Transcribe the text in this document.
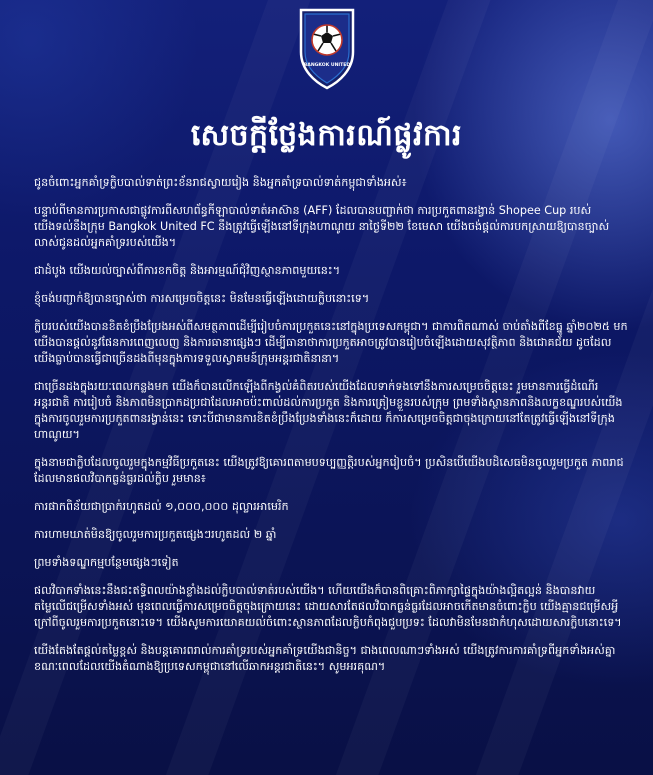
BANGKOK UNITED
សេចក្តីថ្លែងការណ៍ផ្លូវការ

ជូនចំពោះអ្នកគាំទ្រក្លិបបាល់ទាត់ព្រះខ័នរាជស្វាយរៀង និងអ្នកគាំទ្របាល់ទាត់កម្ពុជាទាំងអស់៖

បន្ទាប់ពីមានការប្រកាសជាផ្លូវការពីសហព័ន្ធកីឡាបាល់ទាត់អាស៊ាន (AFF) ដែលបានបញ្ជាក់ថា ការប្រកួតពានរង្វាន់ Shopee Cup របស់យើងទល់នឹងក្រុម Bangkok United FC នឹងត្រូវធ្វើឡើងនៅទីក្រុងហាណូយ នាថ្ងៃទី២២ ខែមេសា យើងចង់ផ្តល់ការបកស្រាយឱ្យបានច្បាស់លាស់ជូនដល់អ្នកគាំទ្ររបស់យើង។

ជាដំបូង យើងយល់ច្បាស់ពីការខកចិត្ត និងអារម្មណ៍ជុំវិញស្ថានភាពមួយនេះ។

ខ្ញុំចង់បញ្ជាក់ឱ្យបានច្បាស់ថា ការសម្រេចចិត្តនេះ មិនមែនធ្វើឡើងដោយក្លិបនោះទេ។

ក្លិបរបស់យើងបានខិតខំប្រឹងប្រែងអស់ពីសមត្ថភាពដើម្បីរៀបចំការប្រកួតនេះនៅក្នុងប្រទេសកម្ពុជា។ ជាការពិតណាស់ ចាប់តាំងពីខែធ្នូ ឆ្នាំ២០២៥ មក យើងបានផ្តល់នូវផែនការពេញលេញ និងការធានាផ្សេងៗ ដើម្បីធានាថាការប្រកួតអាចត្រូវបានរៀបចំឡើងដោយសុវត្ថិភាព និងជោគជ័យ ដូចដែលយើងធ្លាប់បានធ្វើជាច្រើនដងពីមុនក្នុងការទទួលស្វាគមន៍ក្រុមអន្តរជាតិនានា។

ជាច្រើនដងក្នុងរយៈពេលកន្លងមក យើងក៏បានលើកឡើងពីកង្វល់គំពិតរបស់យើងដែលទាក់ទងទៅនឹងការសម្រេចចិត្តនេះ រួមមានការធ្វើដំណើរអន្តរជាតិ ការរៀបចំ និងភាពមិនប្រាកដប្រជាដែលអាចប៉ះពាល់ដល់ការប្រកួត និងការត្រៀមខ្លួនរបស់ក្រុម ព្រមទាំងស្ថានភាពនិងលក្ខខណ្ឌរបស់យើងក្នុងការចូលរួមការប្រកួតពានរង្វាន់នេះ ទោះបីជាមានការខិតខំប្រឹងប្រែងទាំងនេះក៏ដោយ ក៏ការសម្រេចចិត្តជាចុងក្រោយនៅតែត្រូវធ្វើឡើងនៅទីក្រុងហាណូយ។

ក្នុងនាមជាក្លិបដែលចូលរួមក្នុងកម្មវិធីប្រកួតនេះ យើងត្រូវឱ្យគោរពតាមបទប្បញ្ញត្តិរបស់អ្នករៀបចំ។ ប្រសិនបើយើងបដិសេធមិនចូលរួមប្រកួត ភាពរាជដែលមានផលវិបាកធ្ងន់ធ្ងរដល់ក្លិប រួមមាន៖

ការផាកពិន័យជាប្រាក់រហូតដល់ ១,០០០,០០០ ដុល្លារអាមេរិក

ការហាមឃាត់មិនឱ្យចូលរួមការប្រកួតផ្សេងៗរហូតដល់ ២ ឆ្នាំ

ព្រមទាំងទណ្ឌកម្មបន្ថែមផ្សេងៗទៀត

ផលវិបាកទាំងនេះនឹងជះឥទ្ធិពលយ៉ាងខ្លាំងដល់ក្លិបបាល់ទាត់របស់យើង។ ហើយយើងក៏បានពិគ្រោះពិភាក្សាផ្ទៃក្នុងយ៉ាងល្អិតល្អន់ និងបានវាយតម្លៃលើជម្រើសទាំងអស់ មុនពេលធ្វើការសម្រេចចិត្តចុងក្រោយនេះ ដោយសារតែផលវិបាកធ្ងន់ធ្ងរដែលអាចកើតមានចំពោះក្លិប យើងគ្មានជម្រើសអ្វីក្រៅពីចូលរួមការប្រកួតនោះទេ។ យើងសូមការយោគយល់ចំពោះស្ថានភាពដែលក្លិបកំពុងជួបប្រទះ ដែលវាមិនមែនជាកំហុសដោយសារក្លិបនោះទេ។

យើងតែងតែផ្តល់តម្លៃខ្ពស់ និងបន្តគោរពរាល់ការគាំទ្ររបស់អ្នកគាំទ្រយើងជានិច្ច។ ជាងពេលណាៗទាំងអស់ យើងត្រូវការការគាំទ្រពីអ្នកទាំងអស់គ្នា ខណៈពេលដែលយើងតំណាងឱ្យប្រទេសកម្ពុជានៅលើឆាកអន្តរជាតិនេះ។ សូមអរគុណ។
